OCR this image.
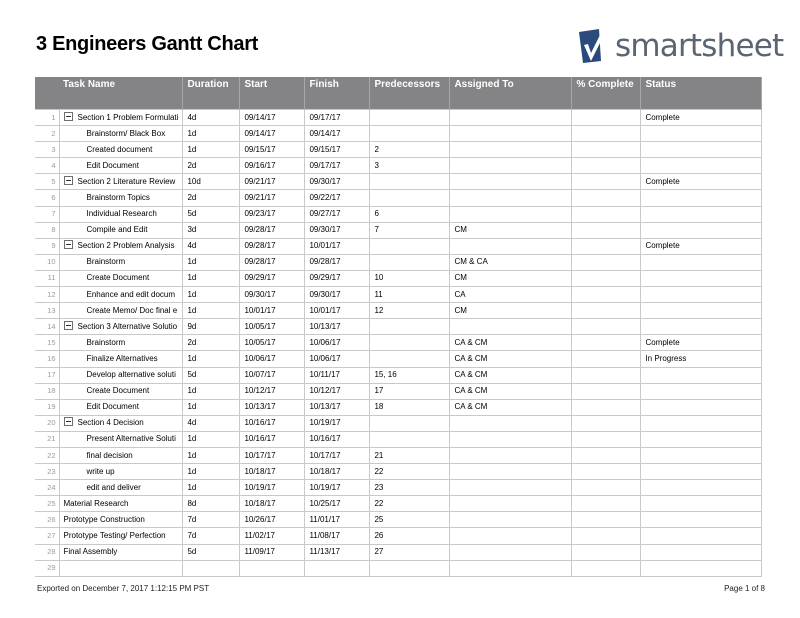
3 Engineers Gantt Chart	smartsheet
	Task Name	Duration	Start	Finish	Predecessors	Assigned To	% Complete	Status
1	Section 1 Problem Formulati	4d	09/14/17	09/17/17				Complete
2	Brainstorm/ Black Box	1d	09/14/17	09/14/17				
3	Created document	1d	09/15/17	09/15/17	2			
4	Edit Document	2d	09/16/17	09/17/17	3			
5	Section 2 Literature Review	10d	09/21/17	09/30/17				Complete
6	Brainstorm Topics	2d	09/21/17	09/22/17				
7	Individual Research	5d	09/23/17	09/27/17	6			
8	Compile and Edit	3d	09/28/17	09/30/17	7	CM		
9	Section 2 Problem Analysis	4d	09/28/17	10/01/17				Complete
10	Brainstorm	1d	09/28/17	09/28/17		CM & CA		
11	Create Document	1d	09/29/17	09/29/17	10	CM		
12	Enhance and edit docum	1d	09/30/17	09/30/17	11	CA		
13	Create Memo/ Doc final e	1d	10/01/17	10/01/17	12	CM		
14	Section 3 Alternative Solutio	9d	10/05/17	10/13/17				
15	Brainstorm	2d	10/05/17	10/06/17		CA & CM		Complete
16	Finalize Alternatives	1d	10/06/17	10/06/17		CA & CM		In Progress
17	Develop alternative soluti	5d	10/07/17	10/11/17	15, 16	CA & CM		
18	Create Document	1d	10/12/17	10/12/17	17	CA & CM		
19	Edit Document	1d	10/13/17	10/13/17	18	CA & CM		
20	Section 4 Decision	4d	10/16/17	10/19/17				
21	Present Alternative Soluti	1d	10/16/17	10/16/17				
22	final decision	1d	10/17/17	10/17/17	21			
23	write up	1d	10/18/17	10/18/17	22			
24	edit and deliver	1d	10/19/17	10/19/17	23			
25	Material Research	8d	10/18/17	10/25/17	22			
26	Prototype Construction	7d	10/26/17	11/01/17	25			
27	Prototype Testing/ Perfection	7d	11/02/17	11/08/17	26			
28	Final Assembly	5d	11/09/17	11/13/17	27			
29								
Exported on December 7, 2017 1:12:15 PM PST	Page 1 of 8
